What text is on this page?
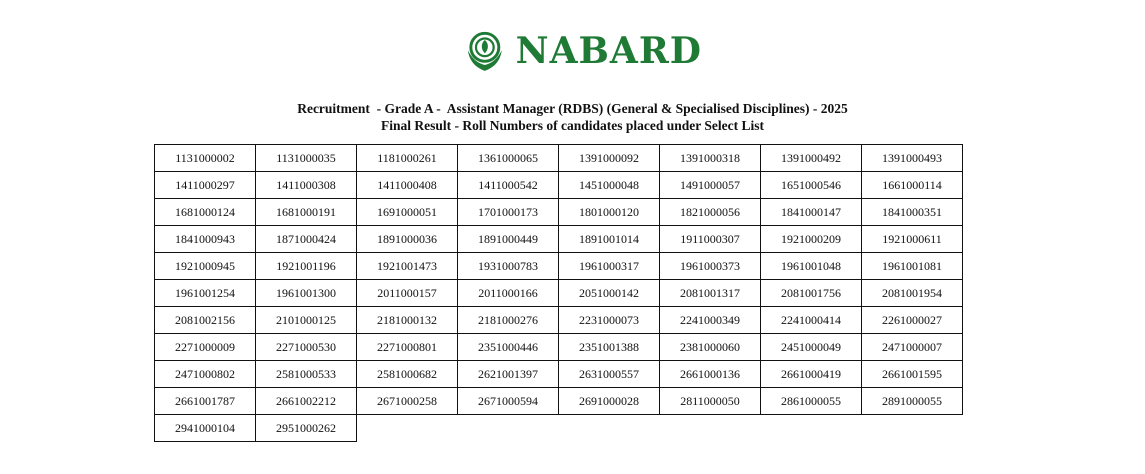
NABARD
Recruitment  - Grade A -  Assistant Manager (RDBS) (General & Specialised Disciplines) - 2025
Final Result - Roll Numbers of candidates placed under Select List
1131000002	1131000035	1181000261	1361000065	1391000092	1391000318	1391000492	1391000493
1411000297	1411000308	1411000408	1411000542	1451000048	1491000057	1651000546	1661000114
1681000124	1681000191	1691000051	1701000173	1801000120	1821000056	1841000147	1841000351
1841000943	1871000424	1891000036	1891000449	1891001014	1911000307	1921000209	1921000611
1921000945	1921001196	1921001473	1931000783	1961000317	1961000373	1961001048	1961001081
1961001254	1961001300	2011000157	2011000166	2051000142	2081001317	2081001756	2081001954
2081002156	2101000125	2181000132	2181000276	2231000073	2241000349	2241000414	2261000027
2271000009	2271000530	2271000801	2351000446	2351001388	2381000060	2451000049	2471000007
2471000802	2581000533	2581000682	2621001397	2631000557	2661000136	2661000419	2661001595
2661001787	2661002212	2671000258	2671000594	2691000028	2811000050	2861000055	2891000055
2941000104	2951000262						
